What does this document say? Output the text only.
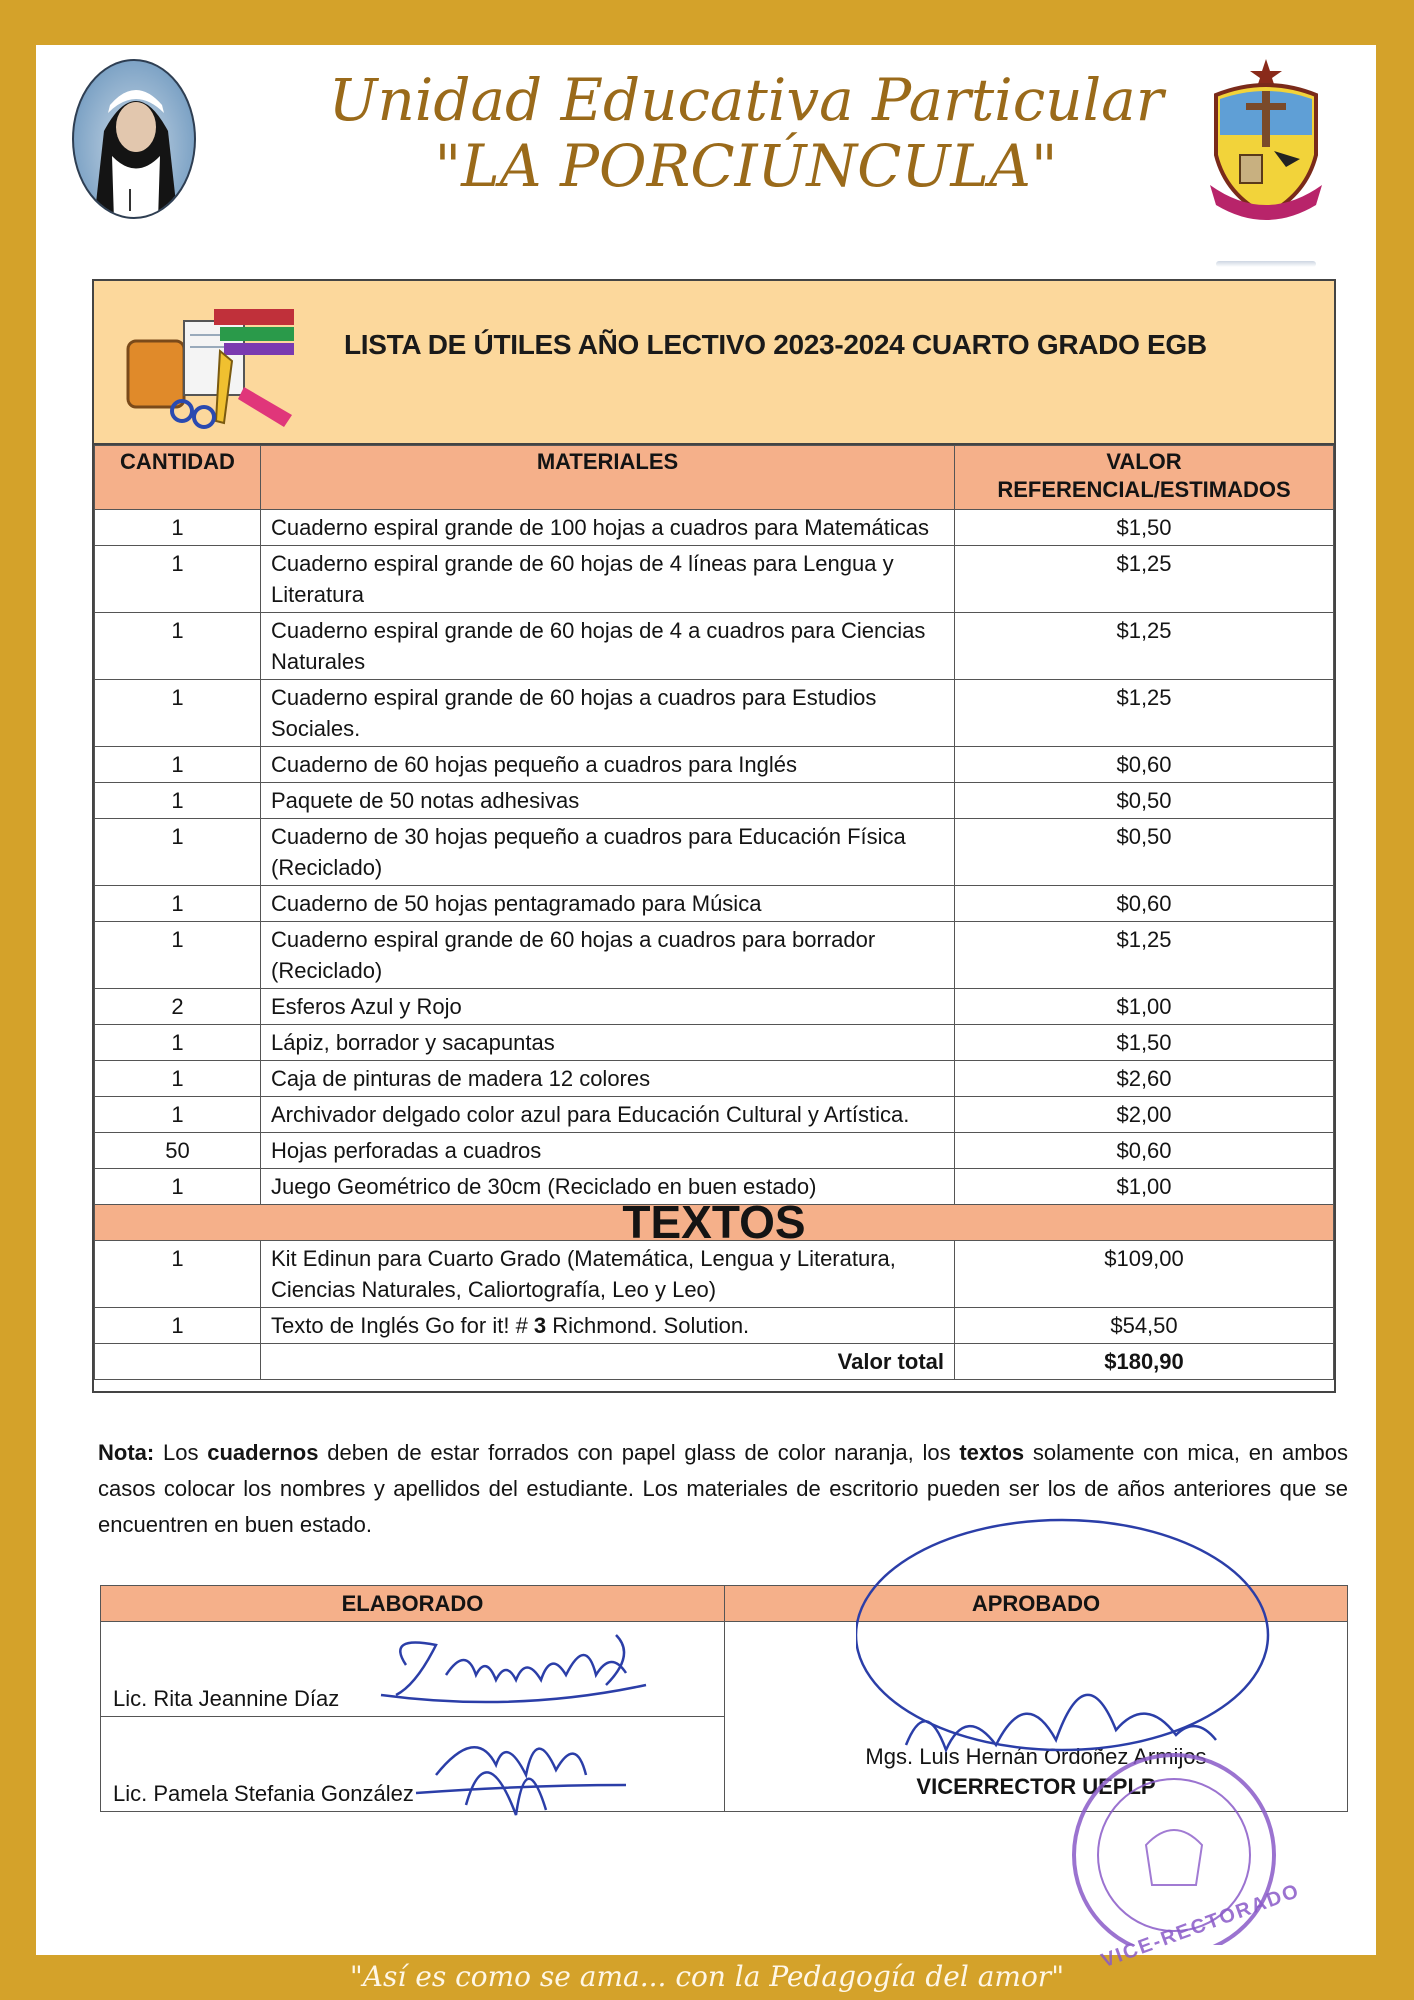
Unidad Educativa Particular
"LA PORCIÚNCULA"
LISTA DE ÚTILES AÑO LECTIVO 2023-2024 CUARTO GRADO EGB
CANTIDAD	MATERIALES	VALOR REFERENCIAL/ESTIMADOS
1	Cuaderno espiral grande de 100 hojas a cuadros para Matemáticas	$1,50
1	Cuaderno espiral grande de 60 hojas de 4 líneas para Lengua y Literatura	$1,25
1	Cuaderno espiral grande de 60 hojas de 4 a cuadros para Ciencias Naturales	$1,25
1	Cuaderno espiral grande de 60 hojas a cuadros para Estudios Sociales.	$1,25
1	Cuaderno de 60 hojas pequeño a cuadros para Inglés	$0,60
1	Paquete de 50 notas adhesivas	$0,50
1	Cuaderno de 30 hojas pequeño a cuadros para Educación Física (Reciclado)	$0,50
1	Cuaderno de 50 hojas pentagramado para Música	$0,60
1	Cuaderno espiral grande de 60 hojas a cuadros para borrador (Reciclado)	$1,25
2	Esferos Azul y Rojo	$1,00
1	Lápiz, borrador y sacapuntas	$1,50
1	Caja de pinturas de madera 12 colores	$2,60
1	Archivador delgado color azul para Educación Cultural y Artística.	$2,00
50	Hojas perforadas a cuadros	$0,60
1	Juego Geométrico de 30cm (Reciclado en buen estado)	$1,00
TEXTOS		
1	Kit Edinun para Cuarto Grado (Matemática, Lengua y Literatura, Ciencias Naturales, Caliortografía, Leo y Leo)	$109,00
1	Texto de Inglés Go for it! # 3 Richmond. Solution.	$54,50
	Valor total	$180,90
Nota: Los cuadernos deben de estar forrados con papel glass de color naranja, los textos solamente con mica, en ambos casos colocar los nombres y apellidos del estudiante. Los materiales de escritorio pueden ser los de años anteriores que se encuentren en buen estado.
ELABORADO	APROBADO

Lic. Rita Jeannine Díaz	Mgs. Luis Hernán Ordoñez Armijos
VICERRECTOR UEPLP

Lic. Pamela Stefania González	
VICE-RECTORADO
"Así es como se ama... con la Pedagogía del amor"
